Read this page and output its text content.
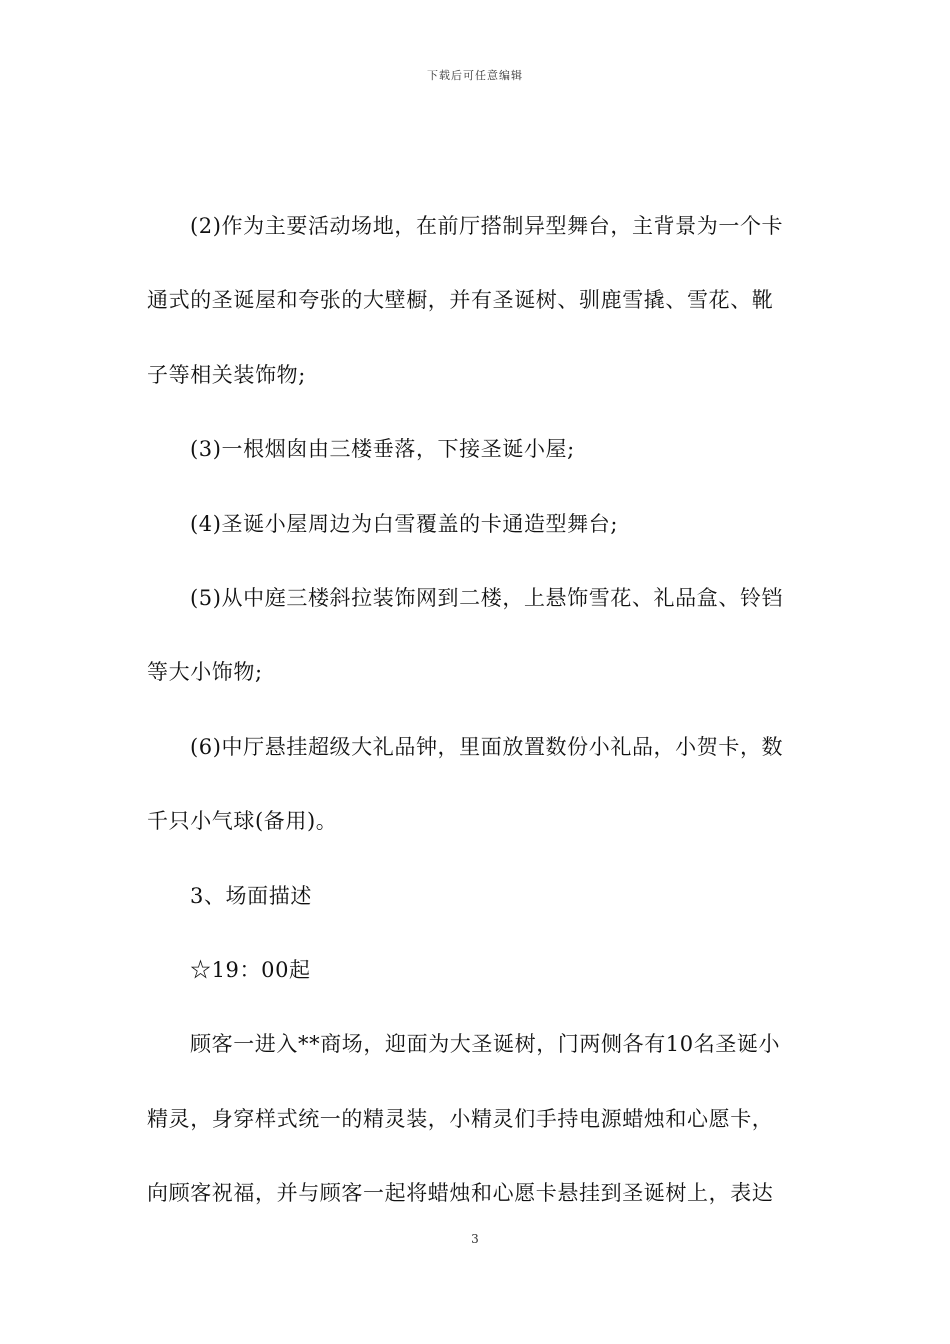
下载后可任意编辑
(2)作为主要活动场地，在前厅搭制异型舞台，主背景为一个卡
通式的圣诞屋和夸张的大壁橱，并有圣诞树、驯鹿雪撬、雪花、靴
子等相关装饰物;
(3)一根烟囱由三楼垂落，下接圣诞小屋;
(4)圣诞小屋周边为白雪覆盖的卡通造型舞台;
(5)从中庭三楼斜拉装饰网到二楼，上悬饰雪花、礼品盒、铃铛
等大小饰物;
(6)中厅悬挂超级大礼品钟，里面放置数份小礼品，小贺卡，数
千只小气球(备用)。
3、场面描述
☆19：00起
顾客一进入**商场，迎面为大圣诞树，门两侧各有10名圣诞小
精灵，身穿样式统一的精灵装，小精灵们手持电源蜡烛和心愿卡，
向顾客祝福，并与顾客一起将蜡烛和心愿卡悬挂到圣诞树上，表达
3
